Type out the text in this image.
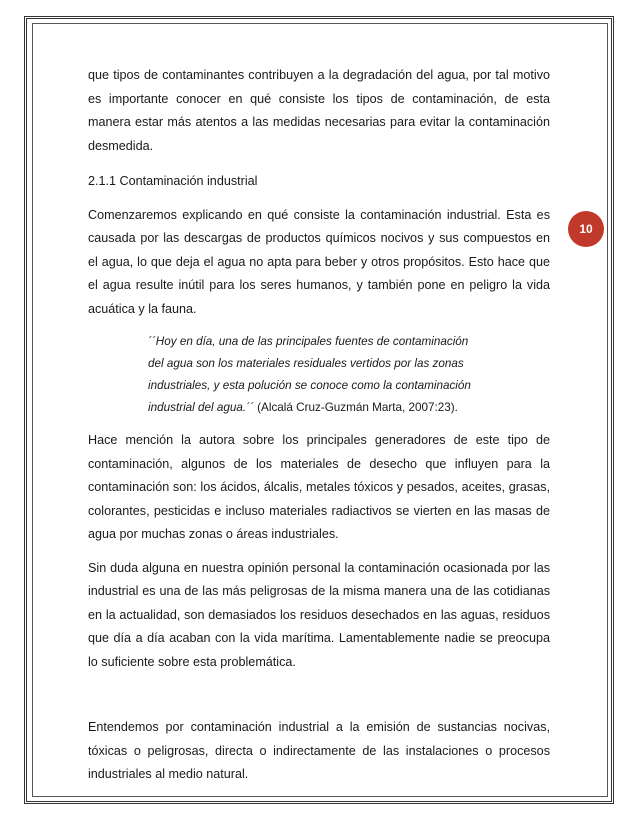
10

que tipos de contaminantes contribuyen a la degradación del agua, por tal motivo es importante conocer en qué consiste los tipos de contaminación, de esta manera estar más atentos a las medidas necesarias para evitar la contaminación desmedida.

2.1.1 Contaminación industrial

Comenzaremos explicando en qué consiste la contaminación industrial. Esta es causada por las descargas de productos químicos nocivos y sus compuestos en el agua, lo que deja el agua no apta para beber y otros propósitos. Esto hace que el agua resulte inútil para los seres humanos, y también pone en peligro la vida acuática y la fauna.

´´Hoy en día, una de las principales fuentes de contaminación del agua son los materiales residuales vertidos por las zonas industriales, y esta polución se conoce como la contaminación industrial del agua.´´ (Alcalá Cruz-Guzmán Marta, 2007:23).

Hace mención la autora sobre los principales generadores de este tipo de contaminación, algunos de los materiales de desecho que influyen para la contaminación son: los ácidos, álcalis, metales tóxicos y pesados, aceites, grasas, colorantes, pesticidas e incluso materiales radiactivos se vierten en las masas de agua por muchas zonas o áreas industriales.

Sin duda alguna en nuestra opinión personal la contaminación ocasionada por las industrial es una de las más peligrosas de la misma manera una de las cotidianas en la actualidad, son demasiados los residuos desechados en las aguas, residuos que día a día acaban con la vida marítima. Lamentablemente nadie se preocupa lo suficiente sobre esta problemática.

Entendemos por contaminación industrial a la emisión de sustancias nocivas, tóxicas o peligrosas, directa o indirectamente de las instalaciones o procesos industriales al medio natural.
